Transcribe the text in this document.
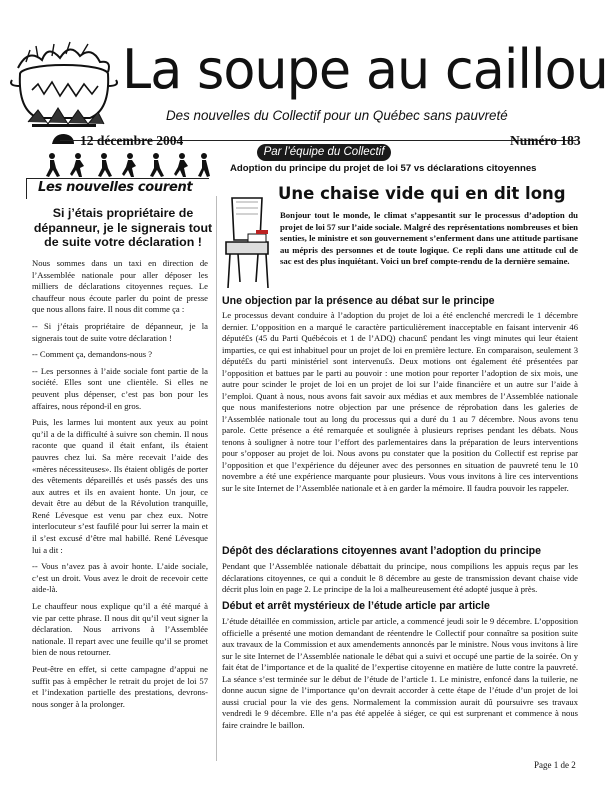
La soupe au caillou
Des nouvelles du Collectif pour un Québec sans pauvreté
12 décembre 2004	Numéro 183
Par l’équipe du Collectif
Adoption du principe du projet de loi 57 vs déclarations citoyennes
Les nouvelles courent
Si j’étais propriétaire de dépanneur, je le signerais tout de suite votre déclaration !

Nous sommes dans un taxi en direction de l’Assemblée nationale pour aller déposer les milliers de déclarations citoyennes reçues. Le chauffeur nous écoute parler du point de presse que nous allons faire. Il nous dit comme ça :

-- Si j’étais propriétaire de dépanneur, je la signerais tout de suite votre déclaration !

-- Comment ça, demandons-nous ?

-- Les personnes à l’aide sociale font partie de la société. Elles sont une clientèle. Si elles ne peuvent plus dépenser, c’est pas bon pour les affaires, nous répond-il en gros.

Puis, les larmes lui montent aux yeux au point qu’il a de la difficulté à suivre son chemin. Il nous raconte que quand il était enfant, ils étaient pauvres chez lui. Sa mère recevait l’aide des «mères nécessiteuses». Ils étaient obligés de porter des vêtements dépareillés et usés passés des uns aux autres et ils en avaient honte. Un jour, ce devait être au début de la Révolution tranquille, René Lévesque est venu par chez eux. Notre interlocuteur s’est faufilé pour lui serrer la main et il s’est excusé d’être mal habillé. René Lévesque lui a dit :

-- Vous n’avez pas à avoir honte. L’aide sociale, c’est un droit. Vous avez le droit de recevoir cette aide-là.

Le chauffeur nous explique qu’il a été marqué à vie par cette phrase. Il nous dit qu’il veut signer la déclaration. Nous arrivons à l’Assemblée nationale. Il repart avec une feuille qu’il se promet bien de nous retourner.

Peut-être en effet, si cette campagne d’appui ne suffit pas à empêcher le retrait du projet de loi 57 et l’indexation partielle des prestations, devrons-nous songer à la prolonger.

Une chaise vide qui en dit long
Bonjour tout le monde, le climat s’appesantit sur le processus d’adoption du projet de loi 57 sur l’aide sociale. Malgré des représentations nombreuses et bien senties, le ministre et son gouvernement s’enferment dans une attitude partisane au mépris des personnes et de toute logique. Ce repli dans une attitude cul de sac est des plus inquiétant. Voici un bref compte-rendu de la dernière semaine.
Une objection par la présence au débat sur le principe
Le processus devant conduire à l’adoption du projet de loi a été enclenché mercredi le 1 décembre dernier. L’opposition en a marqué le caractère particulièrement inacceptable en faisant intervenir 46 député£s (45 du Parti Québécois et 1 de l’ADQ) chacun£ pendant les vingt minutes qui leur étaient imparties, ce qui est inhabituel pour un projet de loi en première lecture. En comparaison, seulement 3 député£s du parti ministériel sont intervenu£s. Deux motions ont également été présentées par l’opposition et battues par le parti au pouvoir : une motion pour reporter l’adoption de six mois, une autre pour scinder le projet de loi en un projet de loi sur l’aide financière et un autre sur l’aide à l’emploi. Quant à nous, nous avons fait savoir aux médias et aux membres de l’Assemblée nationale que nous manifesterions notre objection par une présence de réprobation dans les galeries de l’Assemblée nationale tout au long du processus qui a duré du 1 au 7 décembre. Nous avons tenu parole. Cette présence a été remarquée et soulignée à plusieurs reprises pendant les débats. Nous tenons à souligner à notre tour l’effort des parlementaires dans la préparation de leurs interventions pour s’opposer au projet de loi. Nous avons pu constater que la position du Collectif est reprise par l’opposition et que l’expérience du déjeuner avec des personnes en situation de pauvreté tenu le 10 novembre a été une expérience marquante pour plusieurs. Vous vous invitons à lire ces interventions sur le site Internet de l’Assemblée nationale et à en garder la mémoire. Il faudra pouvoir les rappeler.
Dépôt des déclarations citoyennes avant l’adoption du principe
Pendant que l’Assemblée nationale débattait du principe, nous compilions les appuis reçus par les déclarations citoyennes, ce qui a conduit le 8 décembre au geste de transmission devant chaise vide décrit plus loin en page 2. Le principe de la loi a malheureusement été adopté jusque à près.
Début et arrêt mystérieux de l’étude article par article
L’étude détaillée en commission, article par article, a commencé jeudi soir le 9 décembre. L’opposition officielle a présenté une motion demandant de réentendre le Collectif pour connaître sa position suite aux travaux de la Commission et aux amendements annoncés par le ministre. Nous vous invitons à lire sur le site Internet de l’Assemblée nationale le débat qui a suivi et occupé une partie de la soirée. On y fait état de l’importance et de la qualité de l’expertise citoyenne en matière de lutte contre la pauvreté. La séance s’est terminée sur le début de l’étude de l’article 1. Le ministre, enfoncé dans la tuilerie, ne donne aucun signe de l’importance qu’on devrait accorder à cette étape de l’étude d’un projet de loi aussi crucial pour la vie des gens. Normalement la commission aurait dû poursuivre ses travaux vendredi le 9 décembre. Elle n’a pas été appelée à siéger, ce qui est surprenant et commence à nous faire craindre le baillon.
Page 1 de 2
